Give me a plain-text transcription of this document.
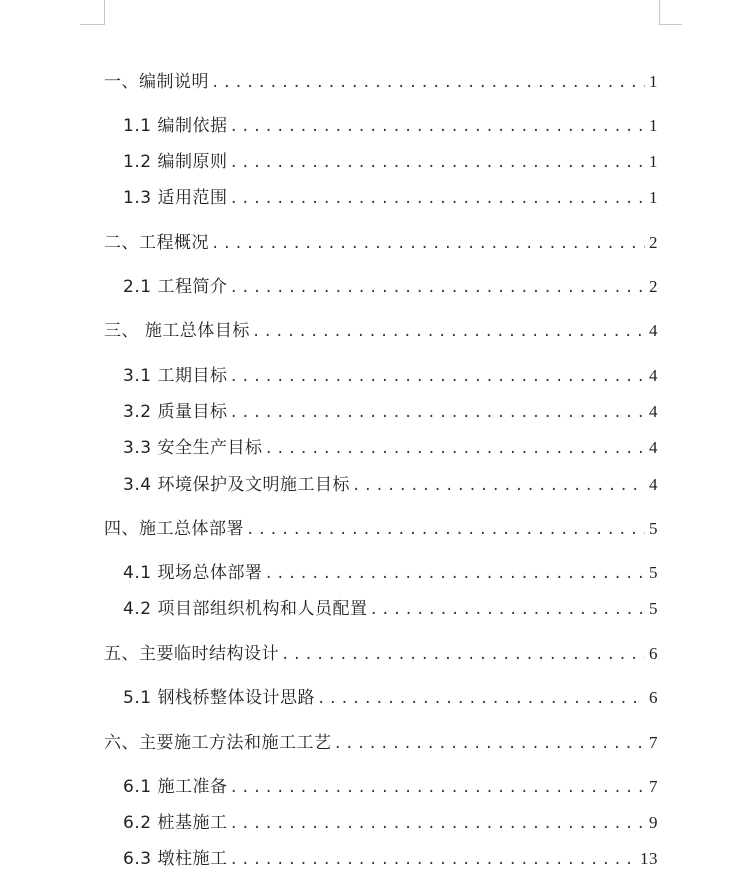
一、编制说明 .....	1
1.1 编制依据 .....	1
1.2 编制原则 .....	1
1.3 适用范围 .....	1
二、工程概况 .....	2
2.1 工程简介 .....	2
三、 施工总体目标 .....	4
3.1 工期目标 .....	4
3.2 质量目标 .....	4
3.3 安全生产目标 .....	4
3.4 环境保护及文明施工目标 .....	4
四、施工总体部署 .....	5
4.1 现场总体部署 .....	5
4.2 项目部组织机构和人员配置 .....	5
五、主要临时结构设计 .....	6
5.1 钢栈桥整体设计思路 .....	6
六、主要施工方法和施工工艺 .....	7
6.1 施工准备 .....	7
6.2 桩基施工 .....	9
6.3 墩柱施工 .....	13
